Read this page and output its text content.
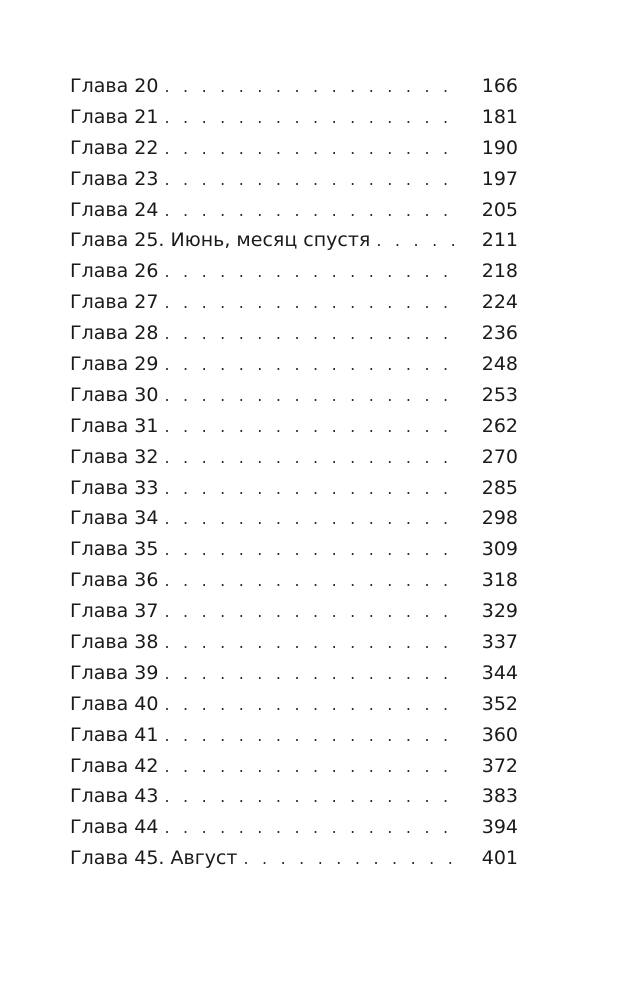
Глава 20 . . .	166
Глава 21 . . .	181
Глава 22 . . .	190
Глава 23 . . .	197
Глава 24 . . .	205
Глава 25. Июнь, месяц спустя . . .	211
Глава 26 . . .	218
Глава 27 . . .	224
Глава 28 . . .	236
Глава 29 . . .	248
Глава 30 . . .	253
Глава 31 . . .	262
Глава 32 . . .	270
Глава 33 . . .	285
Глава 34 . . .	298
Глава 35 . . .	309
Глава 36 . . .	318
Глава 37 . . .	329
Глава 38 . . .	337
Глава 39 . . .	344
Глава 40 . . .	352
Глава 41 . . .	360
Глава 42 . . .	372
Глава 43 . . .	383
Глава 44 . . .	394
Глава 45. Август . . .	401
